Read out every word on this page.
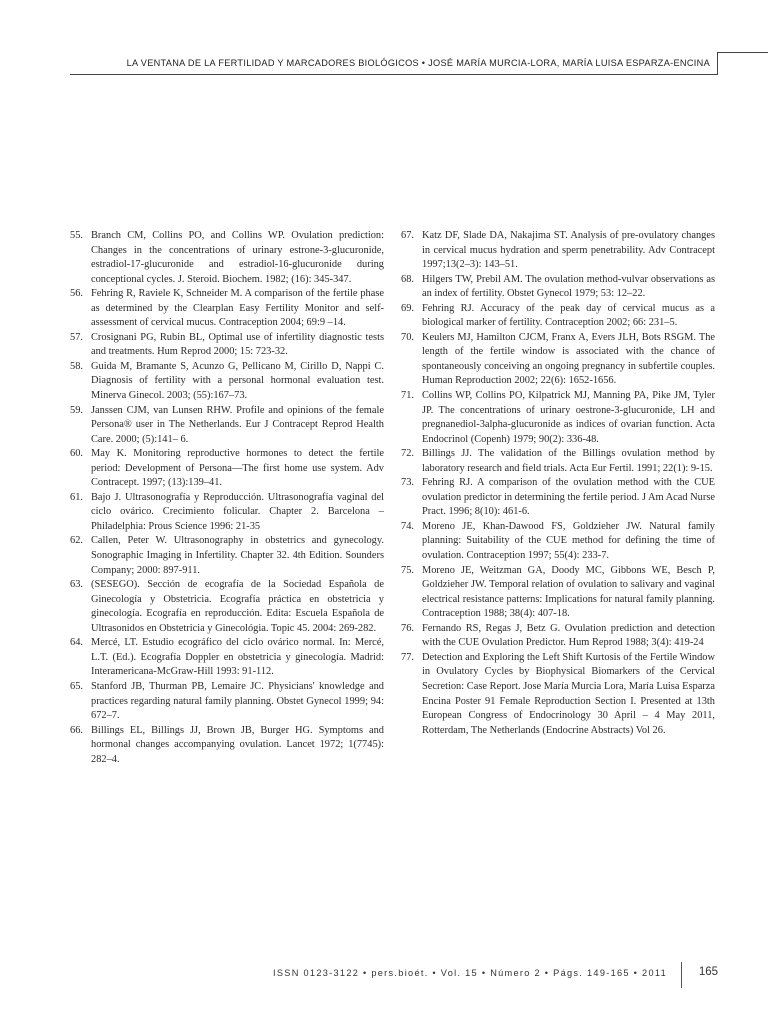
LA VENTANA DE LA FERTILIDAD Y MARCADORES BIOLÓGICOS • JOSÉ MARÍA MURCIA-LORA, MARÍA LUISA ESPARZA-ENCINA
55. Branch CM, Collins PO, and Collins WP. Ovulation prediction: Changes in the concentrations of urinary estrone-3-glucuronide, estradiol-17-glucuronide and estradiol-16-glucuronide during conceptional cycles. J. Steroid. Biochem. 1982; (16): 345-347.
56. Fehring R, Raviele K, Schneider M. A comparison of the fertile phase as determined by the Clearplan Easy Fertility Monitor and self-assessment of cervical mucus. Contraception 2004; 69:9 –14.
57. Crosignani PG, Rubin BL, Optimal use of infertility diagnostic tests and treatments. Hum Reprod 2000; 15: 723-32.
58. Guida M, Bramante S, Acunzo G, Pellicano M, Cirillo D, Nappi C. Diagnosis of fertility with a personal hormonal evaluation test. Minerva Ginecol. 2003; (55):167–73.
59. Janssen CJM, van Lunsen RHW. Profile and opinions of the female Persona® user in The Netherlands. Eur J Contracept Reprod Health Care. 2000; (5):141– 6.
60. May K. Monitoring reproductive hormones to detect the fertile period: Development of Persona—The first home use system. Adv Contracept. 1997; (13):139–41.
61. Bajo J. Ultrasonografía y Reproducción. Ultrasonografía vaginal del ciclo ovárico. Crecimiento folicular. Chapter 2. Barcelona – Philadelphia: Prous Science 1996: 21-35
62. Callen, Peter W. Ultrasonography in obstetrics and gynecology. Sonographic Imaging in Infertility. Chapter 32. 4th Edition. Sounders Company; 2000: 897-911.
63. (SESEGO). Sección de ecografía de la Sociedad Española de Ginecología y Obstetricia. Ecografía práctica en obstetricia y ginecología. Ecografía en reproducción. Edita: Escuela Española de Ultrasonidos en Obstetricia y Ginecológia. Topic 45. 2004: 269-282.
64. Mercé, LT. Estudio ecográfico del ciclo ovárico normal. In: Mercé, L.T. (Ed.). Ecografía Doppler en obstetricia y ginecología. Madrid: Interamericana-McGraw-Hill 1993: 91-112.
65. Stanford JB, Thurman PB, Lemaire JC. Physicians' knowledge and practices regarding natural family planning. Obstet Gynecol 1999; 94: 672–7.
66. Billings EL, Billings JJ, Brown JB, Burger HG. Symptoms and hormonal changes accompanying ovulation. Lancet 1972; 1(7745): 282–4.
67. Katz DF, Slade DA, Nakajima ST. Analysis of pre-ovulatory changes in cervical mucus hydration and sperm penetrability. Adv Contracept 1997;13(2–3): 143–51.
68. Hilgers TW, Prebil AM. The ovulation method-vulvar observations as an index of fertility. Obstet Gynecol 1979; 53: 12–22.
69. Fehring RJ. Accuracy of the peak day of cervical mucus as a biological marker of fertility. Contraception 2002; 66: 231–5.
70. Keulers MJ, Hamilton CJCM, Franx A, Evers JLH, Bots RSGM. The length of the fertile window is associated with the chance of spontaneously conceiving an ongoing pregnancy in subfertile couples. Human Reproduction 2002; 22(6): 1652-1656.
71. Collins WP, Collins PO, Kilpatrick MJ, Manning PA, Pike JM, Tyler JP. The concentrations of urinary oestrone-3-glucuronide, LH and pregnanediol-3alpha-glucuronide as indices of ovarian function. Acta Endocrinol (Copenh) 1979; 90(2): 336-48.
72. Billings JJ. The validation of the Billings ovulation method by laboratory research and field trials. Acta Eur Fertil. 1991; 22(1): 9-15.
73. Fehring RJ. A comparison of the ovulation method with the CUE ovulation predictor in determining the fertile period. J Am Acad Nurse Pract. 1996; 8(10): 461-6.
74. Moreno JE, Khan-Dawood FS, Goldzieher JW. Natural family planning: Suitability of the CUE method for defining the time of ovulation. Contraception 1997; 55(4): 233-7.
75. Moreno JE, Weitzman GA, Doody MC, Gibbons WE, Besch P, Goldzieher JW. Temporal relation of ovulation to salivary and vaginal electrical resistance patterns: Implications for natural family planning. Contraception 1988; 38(4): 407-18.
76. Fernando RS, Regas J, Betz G. Ovulation prediction and detection with the CUE Ovulation Predictor. Hum Reprod 1988; 3(4): 419-24
77. Detection and Exploring the Left Shift Kurtosis of the Fertile Window in Ovulatory Cycles by Biophysical Biomarkers of the Cervical Secretion: Case Report. Jose María Murcia Lora, María Luisa Esparza Encina Poster 91 Female Reproduction Section I. Presented at 13th European Congress of Endocrinology 30 April – 4 May 2011, Rotterdam, The Netherlands (Endocrine Abstracts) Vol 26.
ISSN 0123-3122 • pers.bioét. • Vol. 15 • Número 2 • Págs. 149-165 • 2011	165
